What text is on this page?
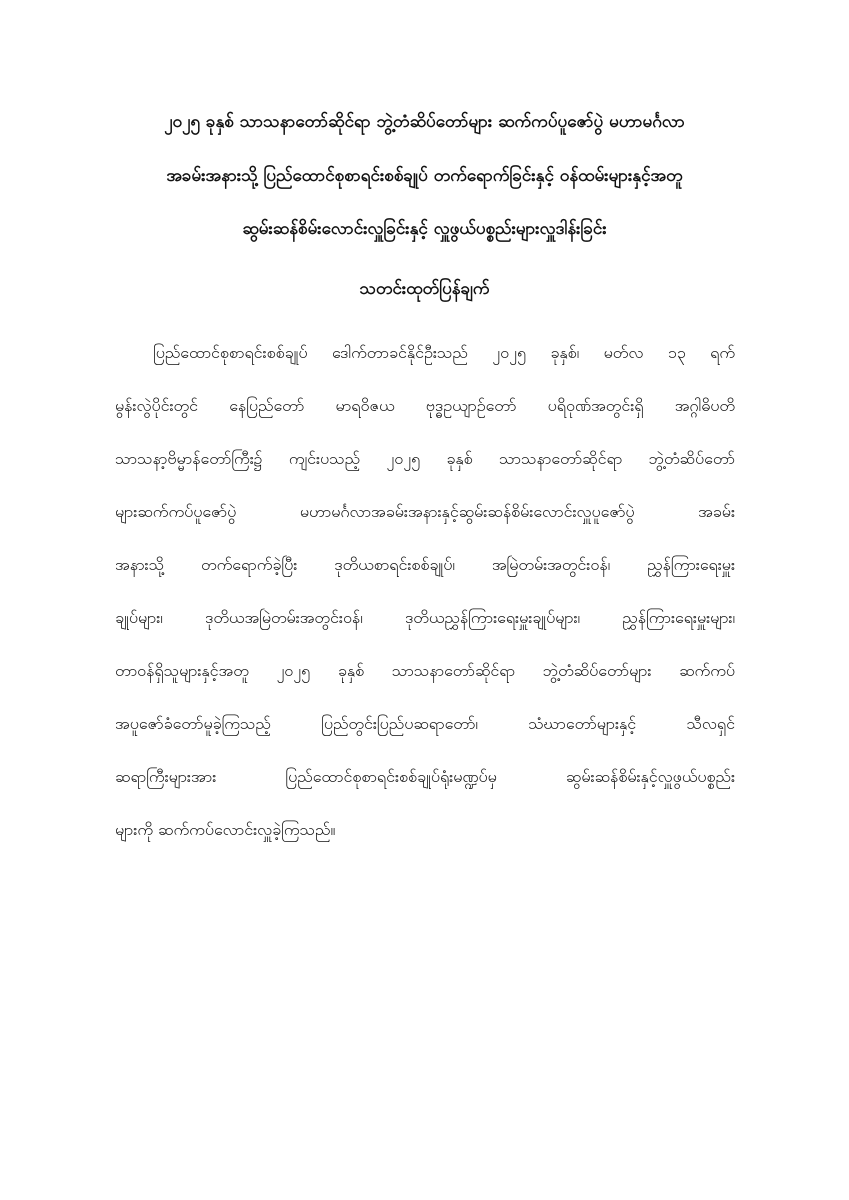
၂၀၂၅ ခုနှစ် သာသနာတော်ဆိုင်ရာ ဘွဲ့တံဆိပ်တော်များ ဆက်ကပ်ပူဇော်ပွဲ မဟာမင်္ဂလာ
အခမ်းအနားသို့ ပြည်ထောင်စုစာရင်းစစ်ချုပ် တက်ရောက်ခြင်းနှင့် ဝန်ထမ်းများနှင့်အတူ
ဆွမ်းဆန်စိမ်းလောင်းလှူခြင်းနှင့် လှူဖွယ်ပစ္စည်းများလှူဒါန်းခြင်း
သတင်းထုတ်ပြန်ချက်
ပြည်ထောင်စုစာရင်းစစ်ချုပ် ဒေါက်တာခင်နိုင်ဦးသည် ၂၀၂၅ ခုနှစ်၊ မတ်လ ၁၃ ရက်
မွန်းလွဲပိုင်းတွင် နေပြည်တော် မာရဝိဇယ ဗုဒ္ဓဥယျာဉ်တော် ပရိဝုဏ်အတွင်းရှိ အဂ္ဂါဓိပတိ
သာသနာ့ဗိမ္မာန်တော်ကြီး၌ ကျင်းပသည့် ၂၀၂၅ ခုနှစ် သာသနာတော်ဆိုင်ရာ ဘွဲ့တံဆိပ်တော်
များဆက်ကပ်ပူဇော်ပွဲ မဟာမင်္ဂလာအခမ်းအနားနှင့်ဆွမ်းဆန်စိမ်းလောင်းလှူပူဇော်ပွဲ အခမ်း
အနားသို့ တက်ရောက်ခဲ့ပြီး ဒုတိယစာရင်းစစ်ချုပ်၊ အမြဲတမ်းအတွင်းဝန်၊ ညွှန်ကြားရေးမှူး
ချုပ်များ၊ ဒုတိယအမြဲတမ်းအတွင်းဝန်၊ ဒုတိယညွှန်ကြားရေးမှူးချုပ်များ၊ ညွှန်ကြားရေးမှူးများ၊
တာဝန်ရှိသူများနှင့်အတူ ၂၀၂၅ ခုနှစ် သာသနာတော်ဆိုင်ရာ ဘွဲ့တံဆိပ်တော်များ ဆက်ကပ်
အပူဇော်ခံတော်မူခဲ့ကြသည့် ပြည်တွင်းပြည်ပဆရာတော်၊ သံဃာတော်များနှင့် သီလရှင်
ဆရာကြီးများအား ပြည်ထောင်စုစာရင်းစစ်ချုပ်ရုံးမဏ္ဍပ်မှ ဆွမ်းဆန်စိမ်းနှင့်လှူဖွယ်ပစ္စည်း
များကို ဆက်ကပ်လောင်းလှူခဲ့ကြသည်။
